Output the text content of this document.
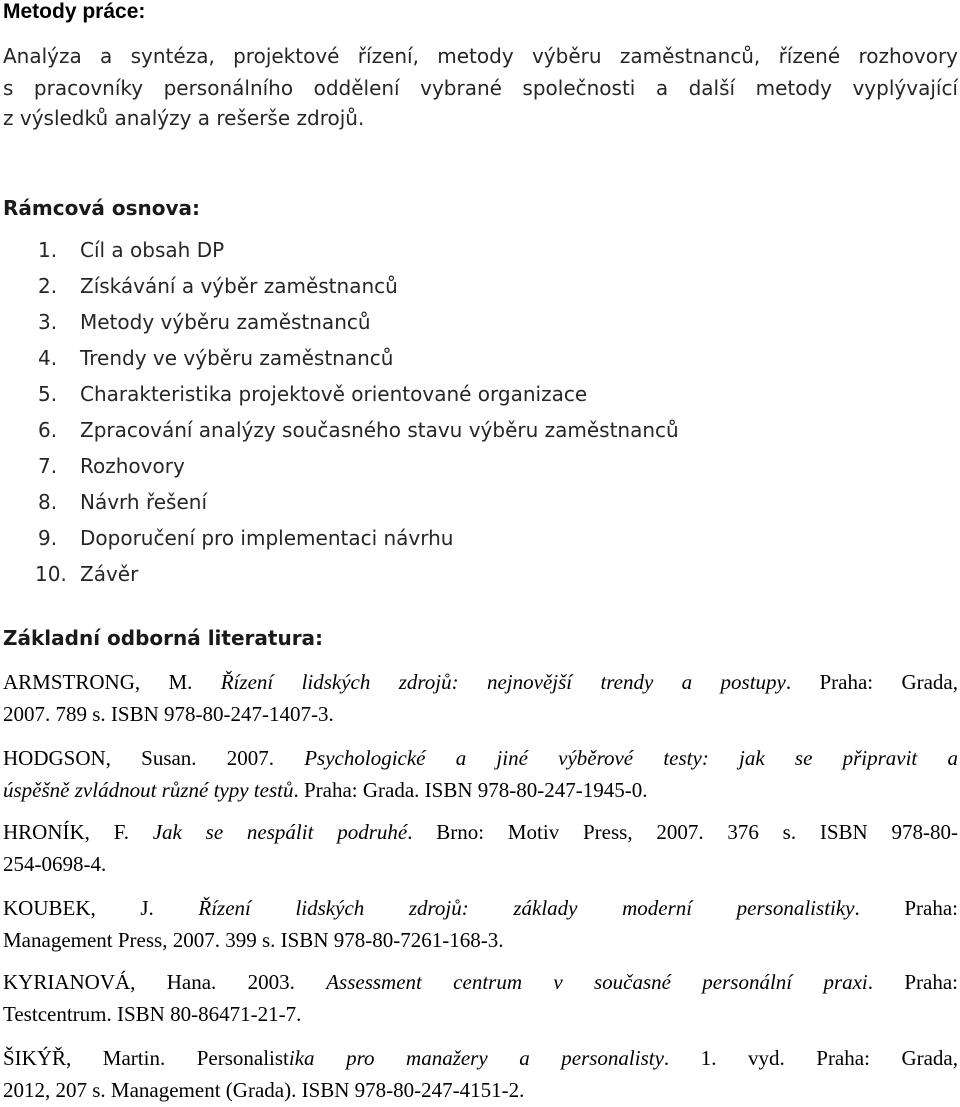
Metody práce:
Analýza a syntéza, projektové řízení, metody výběru zaměstnanců, řízené rozhovory
s pracovníky personálního oddělení vybrané společnosti a další metody vyplývající
z výsledků analýzy a rešerše zdrojů.
Rámcová osnova:
1. Cíl a obsah DP
2. Získávání a výběr zaměstnanců
3. Metody výběru zaměstnanců
4. Trendy ve výběru zaměstnanců
5. Charakteristika projektově orientované organizace
6. Zpracování analýzy současného stavu výběru zaměstnanců
7. Rozhovory
8. Návrh řešení
9. Doporučení pro implementaci návrhu
10. Závěr
Základní odborná literatura:
ARMSTRONG, M. Řízení lidských zdrojů: nejnovější trendy a postupy. Praha: Grada,
2007. 789 s. ISBN 978-80-247-1407-3.
HODGSON, Susan. 2007. Psychologické a jiné výběrové testy: jak se připravit a
úspěšně zvládnout různé typy testů. Praha: Grada. ISBN 978-80-247-1945-0.
HRONÍK, F. Jak se nespálit podruhé. Brno: Motiv Press, 2007. 376 s. ISBN 978-80-
254-0698-4.
KOUBEK, J. Řízení lidských zdrojů: základy moderní personalistiky. Praha:
Management Press, 2007. 399 s. ISBN 978-80-7261-168-3.
KYRIANOVÁ, Hana. 2003. Assessment centrum v současné personální praxi. Praha:
Testcentrum. ISBN 80-86471-21-7.
ŠIKÝŘ, Martin. Personalistika pro manažery a personalisty. 1. vyd. Praha: Grada,
2012, 207 s. Management (Grada). ISBN 978-80-247-4151-2.
